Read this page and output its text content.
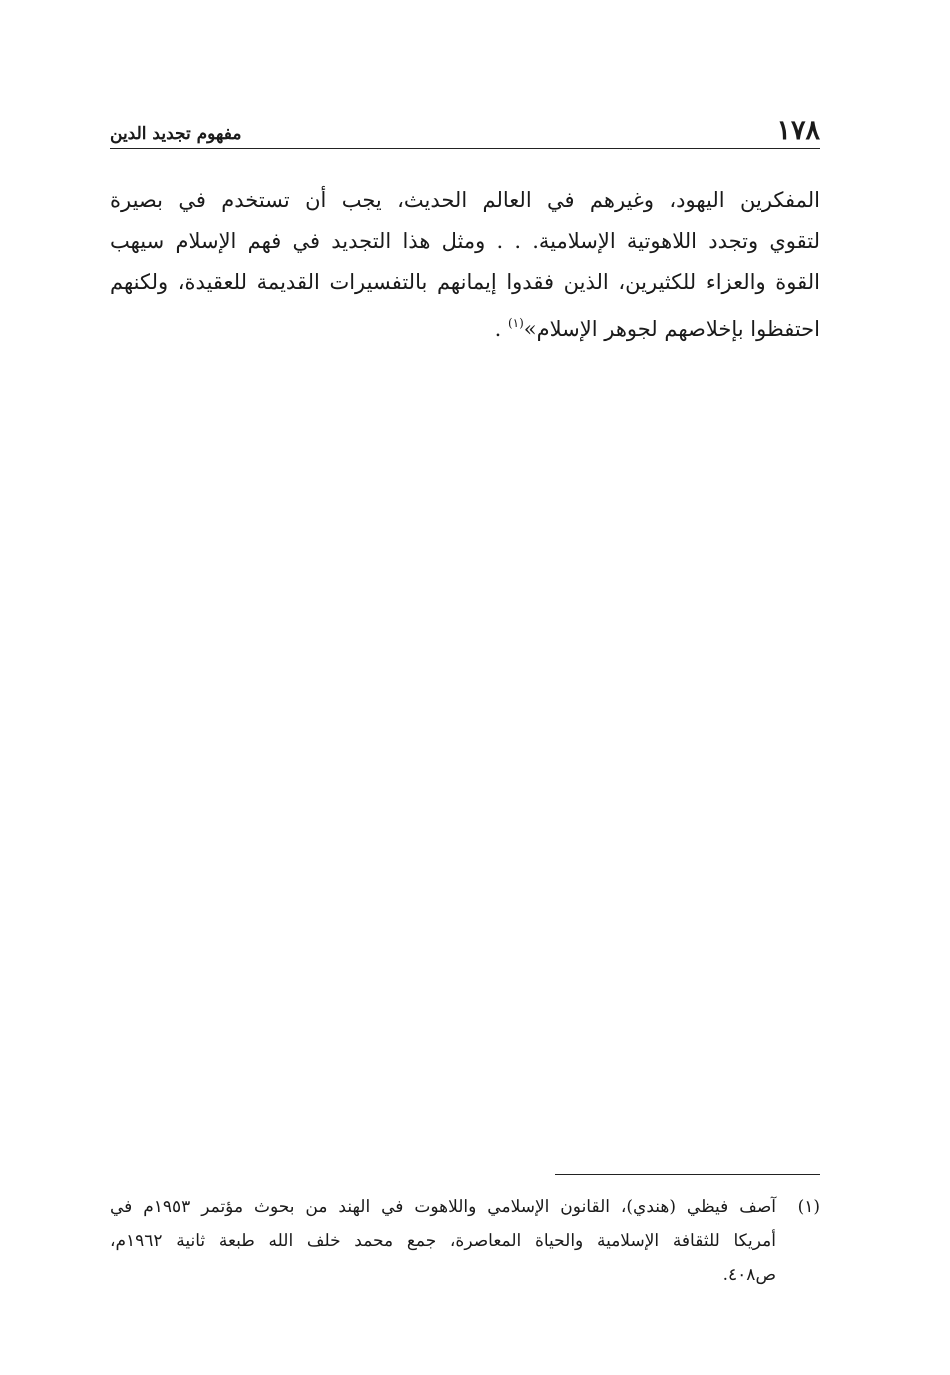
١٧٨
مفهوم تجديد الدين
المفكرين اليهود، وغيرهم في العالم الحديث، يجب أن تستخدم في بصيرة
لتقوي وتجدد اللاهوتية الإسلامية. . . ومثل هذا التجديد في فهم الإسلام سيهب
القوة والعزاء للكثيرين، الذين فقدوا إيمانهم بالتفسيرات القديمة للعقيدة، ولكنهم
احتفظوا بإخلاصهم لجوهر الإسلام»$^{(١)}$ .
(١)
آصف فيظي (هندي)، القانون الإسلامي واللاهوت في الهند من بحوث مؤتمر ١٩٥٣م في
أمريكا للثقافة الإسلامية والحياة المعاصرة، جمع محمد خلف الله طبعة ثانية ١٩٦٢م،
ص٤٠٨.
